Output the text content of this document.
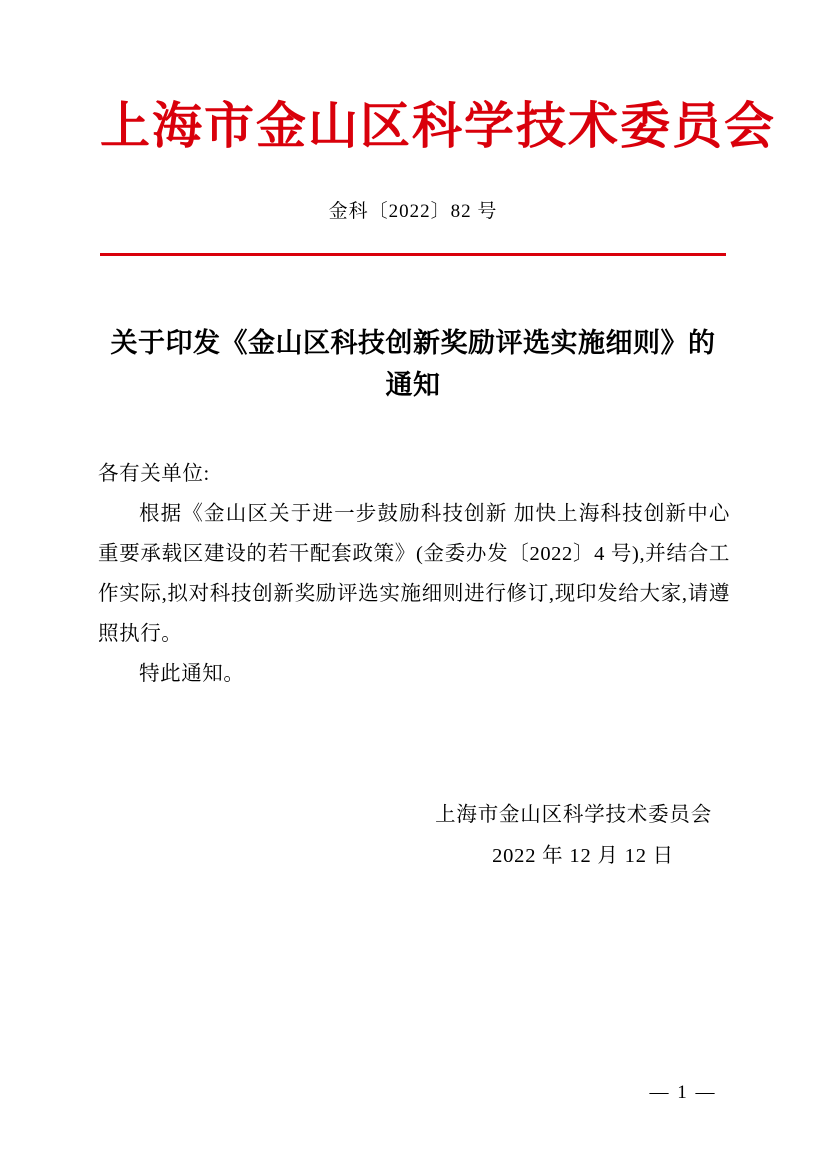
上海市金山区科学技术委员会
金科〔2022〕82 号
关于印发《金山区科技创新奖励评选实施细则》的通知
各有关单位:
根据《金山区关于进一步鼓励科技创新 加快上海科技创新中心重要承载区建设的若干配套政策》(金委办发〔2022〕4 号),并结合工作实际,拟对科技创新奖励评选实施细则进行修订,现印发给大家,请遵照执行。
特此通知。
上海市金山区科学技术委员会
2022 年 12 月 12 日
— 1 —
